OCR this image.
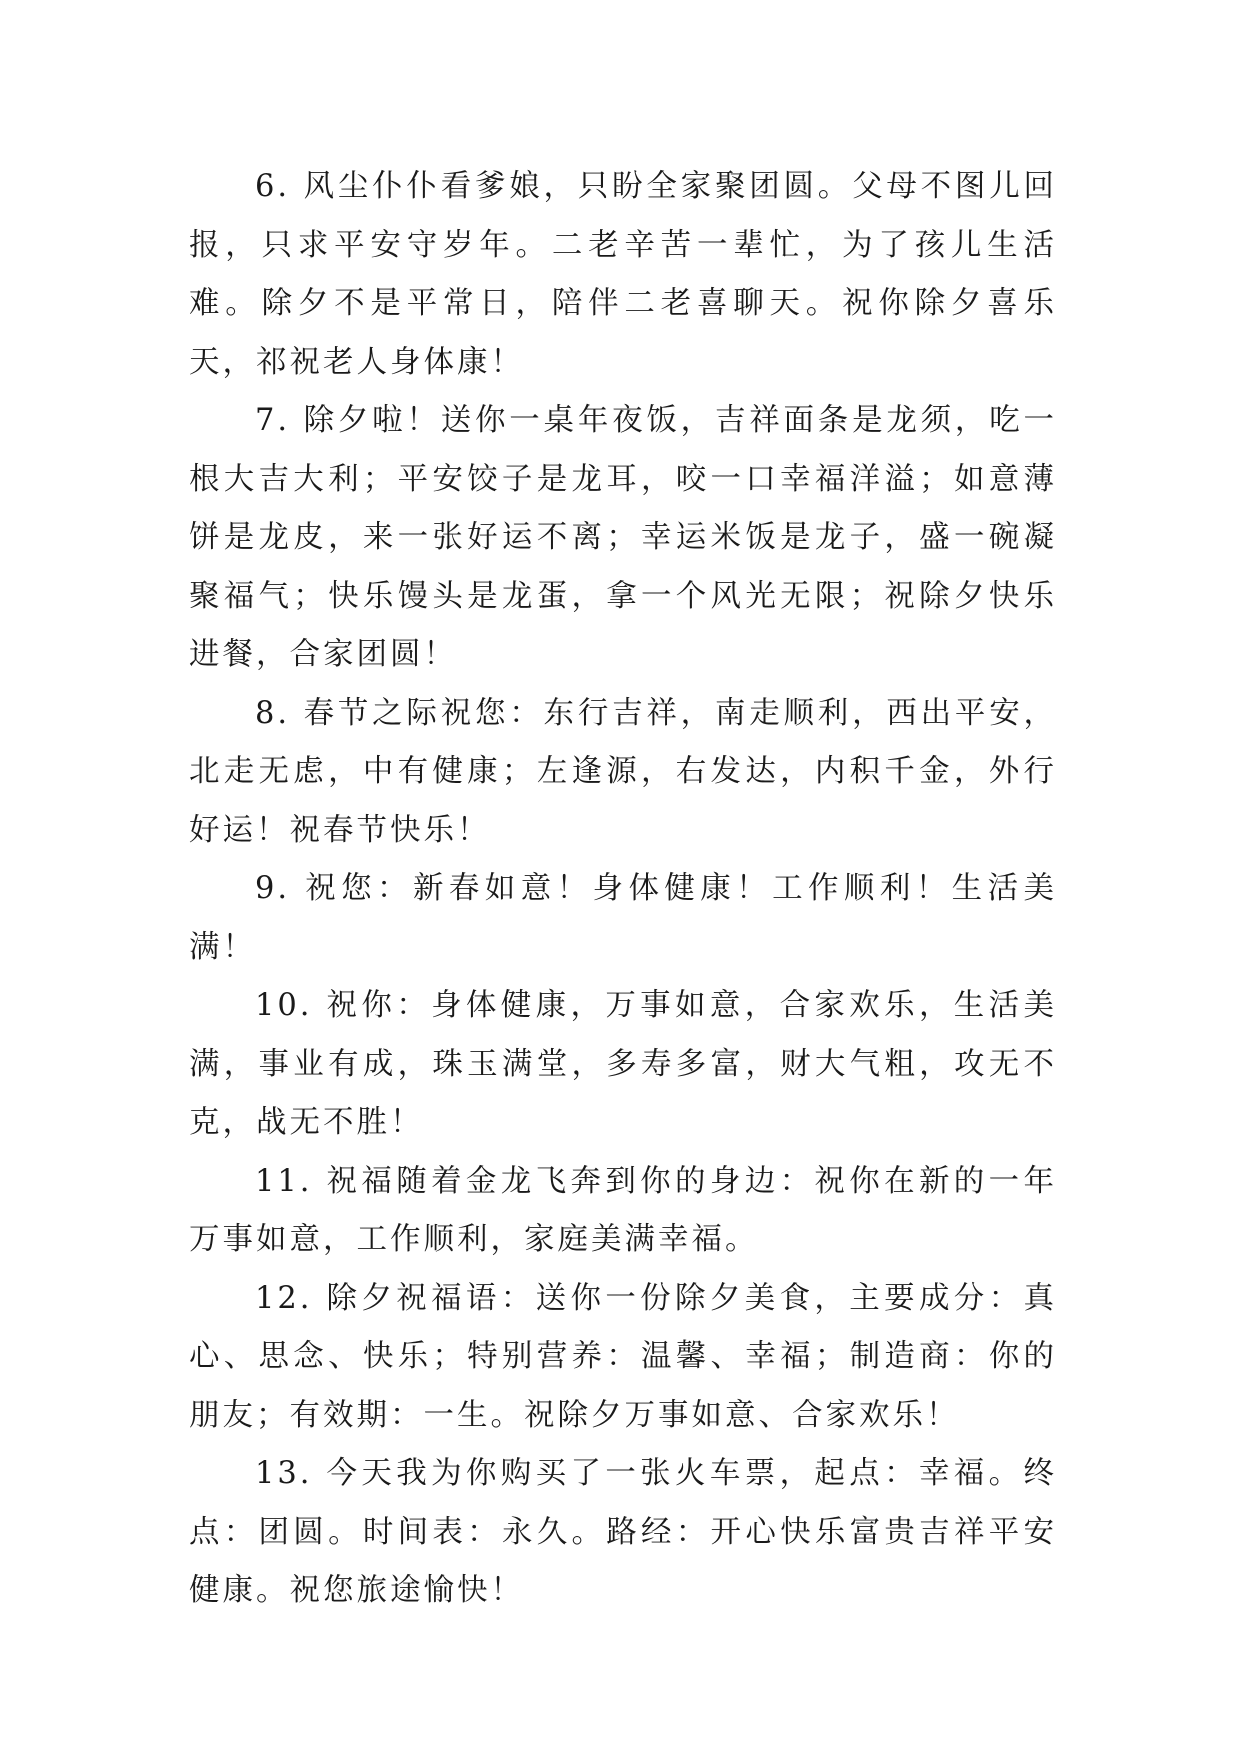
6. 风尘仆仆看爹娘，只盼全家聚团圆。父母不图儿回报，只求平安守岁年。二老辛苦一辈忙，为了孩儿生活难。除夕不是平常日，陪伴二老喜聊天。祝你除夕喜乐天，祁祝老人身体康！

7. 除夕啦！送你一桌年夜饭，吉祥面条是龙须，吃一根大吉大利；平安饺子是龙耳，咬一口幸福洋溢；如意薄饼是龙皮，来一张好运不离；幸运米饭是龙子，盛一碗凝聚福气；快乐馒头是龙蛋，拿一个风光无限；祝除夕快乐进餐，合家团圆！

8. 春节之际祝您：东行吉祥，南走顺利，西出平安，北走无虑，中有健康；左逢源，右发达，内积千金，外行好运！祝春节快乐！

9. 祝您：新春如意！身体健康！工作顺利！生活美满！

10. 祝你：身体健康，万事如意，合家欢乐，生活美满，事业有成，珠玉满堂，多寿多富，财大气粗，攻无不克，战无不胜！

11. 祝福随着金龙飞奔到你的身边：祝你在新的一年万事如意，工作顺利，家庭美满幸福。

12. 除夕祝福语：送你一份除夕美食，主要成分：真心、思念、快乐；特别营养：温馨、幸福；制造商：你的朋友；有效期：一生。祝除夕万事如意、合家欢乐！

13. 今天我为你购买了一张火车票，起点：幸福。终点：团圆。时间表：永久。路经：开心快乐富贵吉祥平安健康。祝您旅途愉快！
